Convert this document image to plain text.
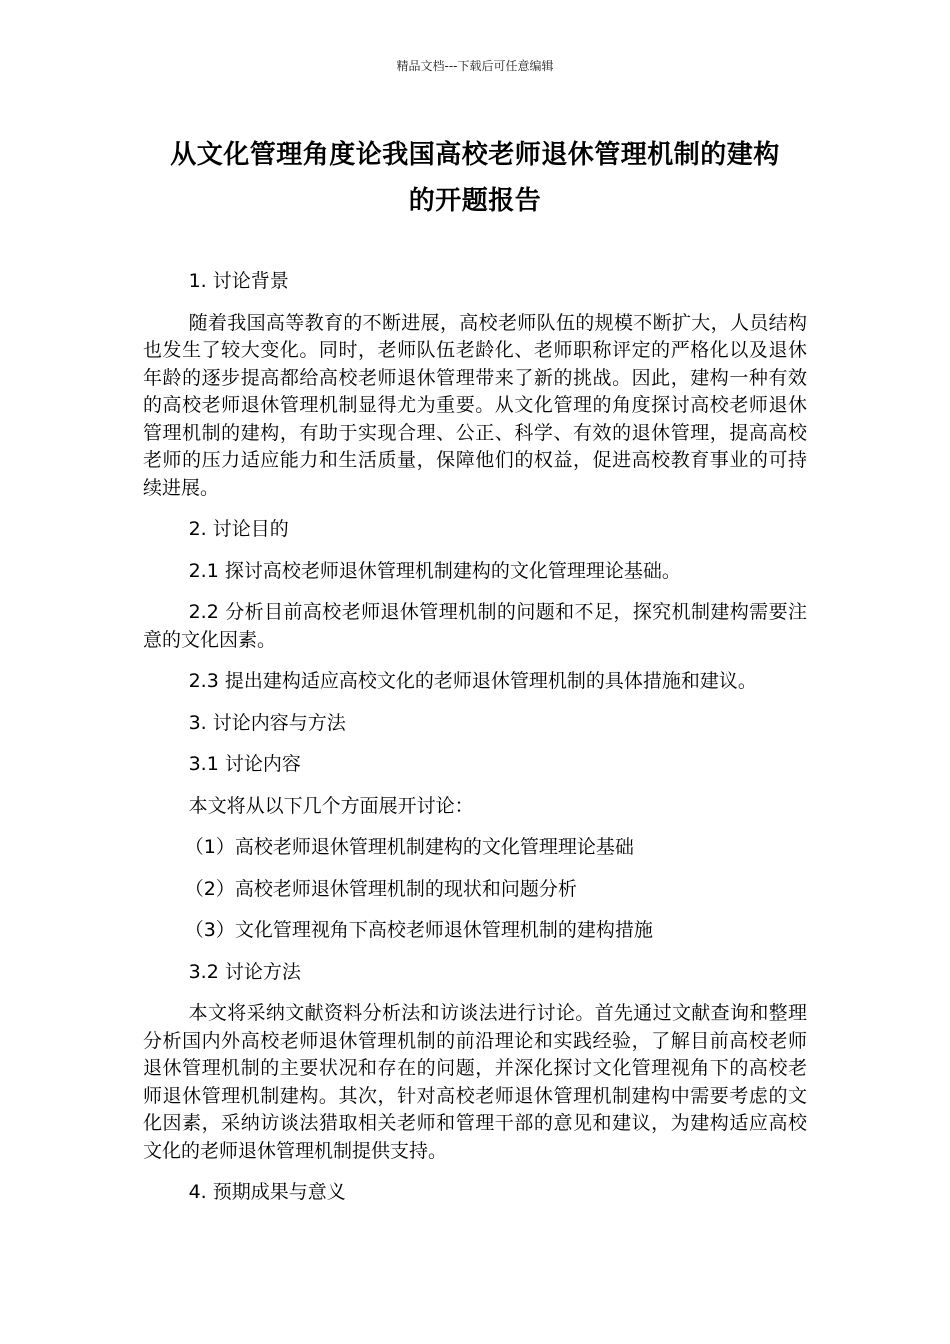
精品文档---下载后可任意编辑
从文化管理角度论我国高校老师退休管理机制的建构
的开题报告

1. 讨论背景

随着我国高等教育的不断进展，高校老师队伍的规模不断扩大，人员结构也发生了较大变化。同时，老师队伍老龄化、老师职称评定的严格化以及退休年龄的逐步提高都给高校老师退休管理带来了新的挑战。因此，建构一种有效的高校老师退休管理机制显得尤为重要。从文化管理的角度探讨高校老师退休管理机制的建构，有助于实现合理、公正、科学、有效的退休管理，提高高校老师的压力适应能力和生活质量，保障他们的权益，促进高校教育事业的可持续进展。

2. 讨论目的

2.1 探讨高校老师退休管理机制建构的文化管理理论基础。

2.2 分析目前高校老师退休管理机制的问题和不足，探究机制建构需要注意的文化因素。

2.3 提出建构适应高校文化的老师退休管理机制的具体措施和建议。

3. 讨论内容与方法

3.1 讨论内容

本文将从以下几个方面展开讨论：

（1）高校老师退休管理机制建构的文化管理理论基础

（2）高校老师退休管理机制的现状和问题分析

（3）文化管理视角下高校老师退休管理机制的建构措施

3.2 讨论方法

本文将采纳文献资料分析法和访谈法进行讨论。首先通过文献查询和整理分析国内外高校老师退休管理机制的前沿理论和实践经验，了解目前高校老师退休管理机制的主要状况和存在的问题，并深化探讨文化管理视角下的高校老师退休管理机制建构。其次，针对高校老师退休管理机制建构中需要考虑的文化因素，采纳访谈法猎取相关老师和管理干部的意见和建议，为建构适应高校文化的老师退休管理机制提供支持。

4. 预期成果与意义
